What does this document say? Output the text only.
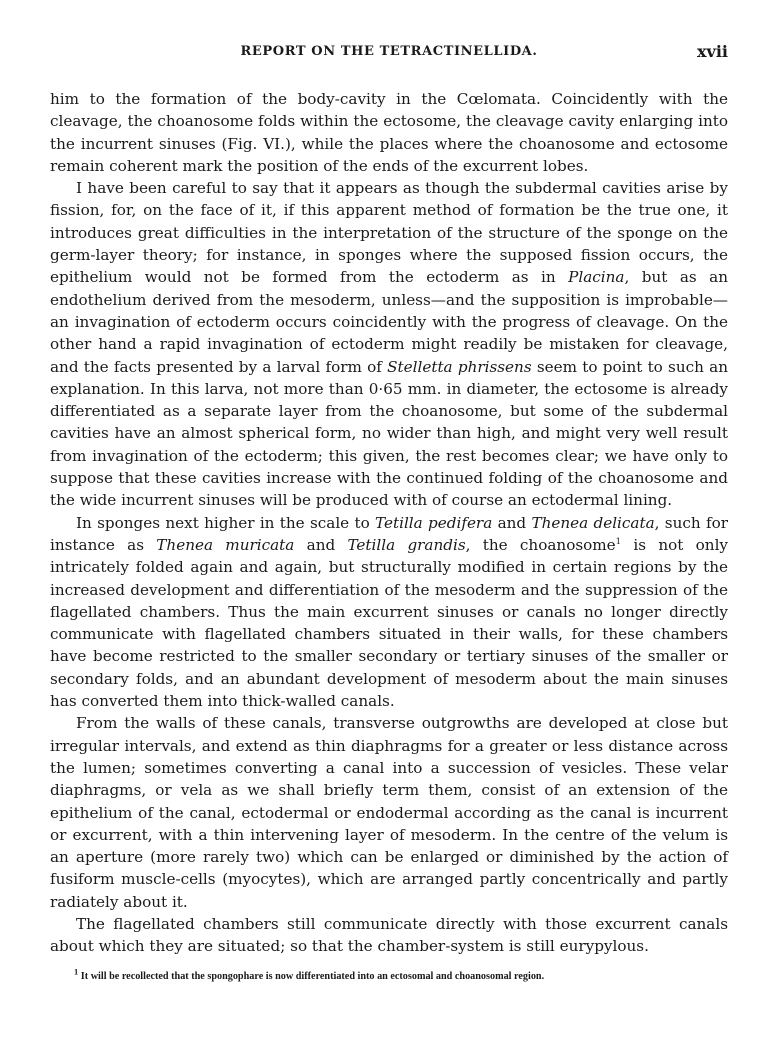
REPORT ON THE TETRACTINELLIDA.	xvii

him to the formation of the body-cavity in the Cœlomata. Coincidently with the cleavage, the choanosome folds within the ectosome, the cleavage cavity enlarging into the incurrent sinuses (Fig. VI.), while the places where the choanosome and ectosome remain coherent mark the position of the ends of the excurrent lobes.

I have been careful to say that it appears as though the subdermal cavities arise by fission, for, on the face of it, if this apparent method of formation be the true one, it introduces great difficulties in the interpretation of the structure of the sponge on the germ-layer theory; for instance, in sponges where the supposed fission occurs, the epithelium would not be formed from the ectoderm as in Placina, but as an endothelium derived from the mesoderm, unless—and the supposition is improbable—an invagination of ectoderm occurs coincidently with the progress of cleavage. On the other hand a rapid invagination of ectoderm might readily be mistaken for cleavage, and the facts presented by a larval form of Stelletta phrissens seem to point to such an explanation. In this larva, not more than 0·65 mm. in diameter, the ectosome is already differentiated as a separate layer from the choanosome, but some of the subdermal cavities have an almost spherical form, no wider than high, and might very well result from invagination of the ectoderm; this given, the rest becomes clear; we have only to suppose that these cavities increase with the continued folding of the choanosome and the wide incurrent sinuses will be produced with of course an ectodermal lining.

In sponges next higher in the scale to Tetilla pedifera and Thenea delicata, such for instance as Thenea muricata and Tetilla grandis, the choanosome$^1$ is not only intricately folded again and again, but structurally modified in certain regions by the increased development and differentiation of the mesoderm and the suppression of the flagellated chambers. Thus the main excurrent sinuses or canals no longer directly communicate with flagellated chambers situated in their walls, for these chambers have become restricted to the smaller secondary or tertiary sinuses of the smaller or secondary folds, and an abundant development of mesoderm about the main sinuses has converted them into thick-walled canals.

From the walls of these canals, transverse outgrowths are developed at close but irregular intervals, and extend as thin diaphragms for a greater or less distance across the lumen; sometimes converting a canal into a succession of vesicles. These velar diaphragms, or vela as we shall briefly term them, consist of an extension of the epithelium of the canal, ectodermal or endodermal according as the canal is incurrent or excurrent, with a thin intervening layer of mesoderm. In the centre of the velum is an aperture (more rarely two) which can be enlarged or diminished by the action of fusiform muscle-cells (myocytes), which are arranged partly concentrically and partly radiately about it.

The flagellated chambers still communicate directly with those excurrent canals about which they are situated; so that the chamber-system is still eurypylous.

$^1$ It will be recollected that the spongophare is now differentiated into an ectosomal and choanosomal region.
